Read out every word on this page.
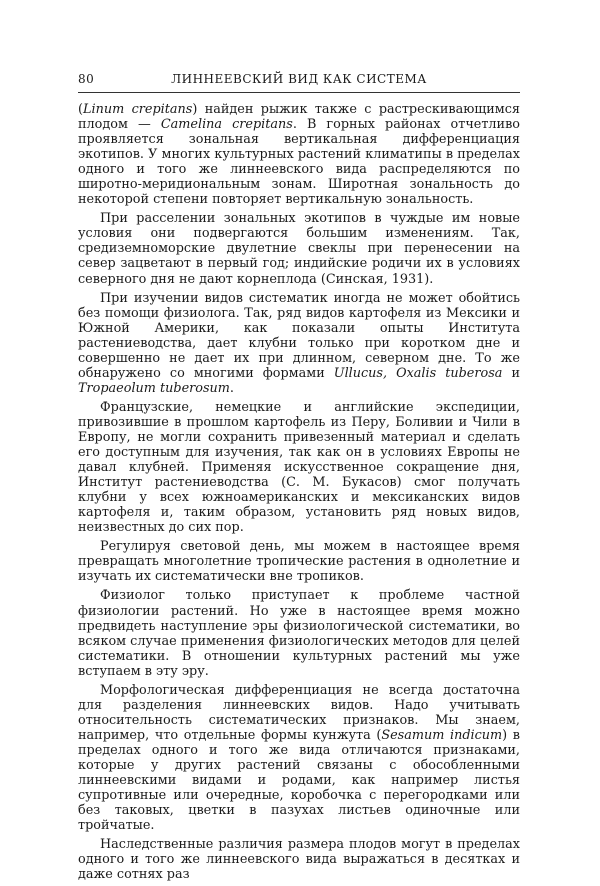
80	ЛИННЕЕВСКИЙ ВИД КАК СИСТЕМА

(Linum crepitans) найден рыжик также с растрескивающимся плодом — Camelina crepitans. В горных районах отчетливо проявляется зональная вертикальная дифференциация экотипов. У многих культурных растений климатипы в пределах одного и того же линнеевского вида распределяются по широтно-меридиональным зонам. Широтная зональность до некоторой степени повторяет вертикальную зональность.

При расселении зональных экотипов в чуждые им новые условия они подвергаются большим изменениям. Так, средиземноморские двулетние свеклы при перенесении на север зацветают в первый год; индийские родичи их в условиях северного дня не дают корнеплода (Синская, 1931).

При изучении видов систематик иногда не может обойтись без помощи физиолога. Так, ряд видов картофеля из Мексики и Южной Америки, как показали опыты Института растениеводства, дает клубни только при коротком дне и совершенно не дает их при длинном, северном дне. То же обнаружено со многими формами Ullucus, Oxalis tuberosa и Tropaeolum tuberosum.

Французские, немецкие и английские экспедиции, привозившие в прошлом картофель из Перу, Боливии и Чили в Европу, не могли сохранить привезенный материал и сделать его доступным для изучения, так как он в условиях Европы не давал клубней. Применяя искусственное сокращение дня, Институт растениеводства (С. М. Букасов) смог получать клубни у всех южноамериканских и мексиканских видов картофеля и, таким образом, установить ряд новых видов, неизвестных до сих пор.

Регулируя световой день, мы можем в настоящее время превращать многолетние тропические растения в однолетние и изучать их систематически вне тропиков.

Физиолог только приступает к проблеме частной физиологии растений. Но уже в настоящее время можно предвидеть наступление эры физиологической систематики, во всяком случае применения физиологических методов для целей систематики. В отношении культурных растений мы уже вступаем в эту эру.

Морфологическая дифференциация не всегда достаточна для разделения линнеевских видов. Надо учитывать относительность систематических признаков. Мы знаем, например, что отдельные формы кунжута (Sesamum indicum) в пределах одного и того же вида отличаются признаками, которые у других растений связаны с обособленными линнеевскими видами и родами, как например листья супротивные или очередные, коробочка с перегородками или без таковых, цветки в пазухах листьев одиночные или тройчатые.

Наследственные различия размера плодов могут в пределах одного и того же линнеевского вида выражаться в десятках и даже сотнях раз
